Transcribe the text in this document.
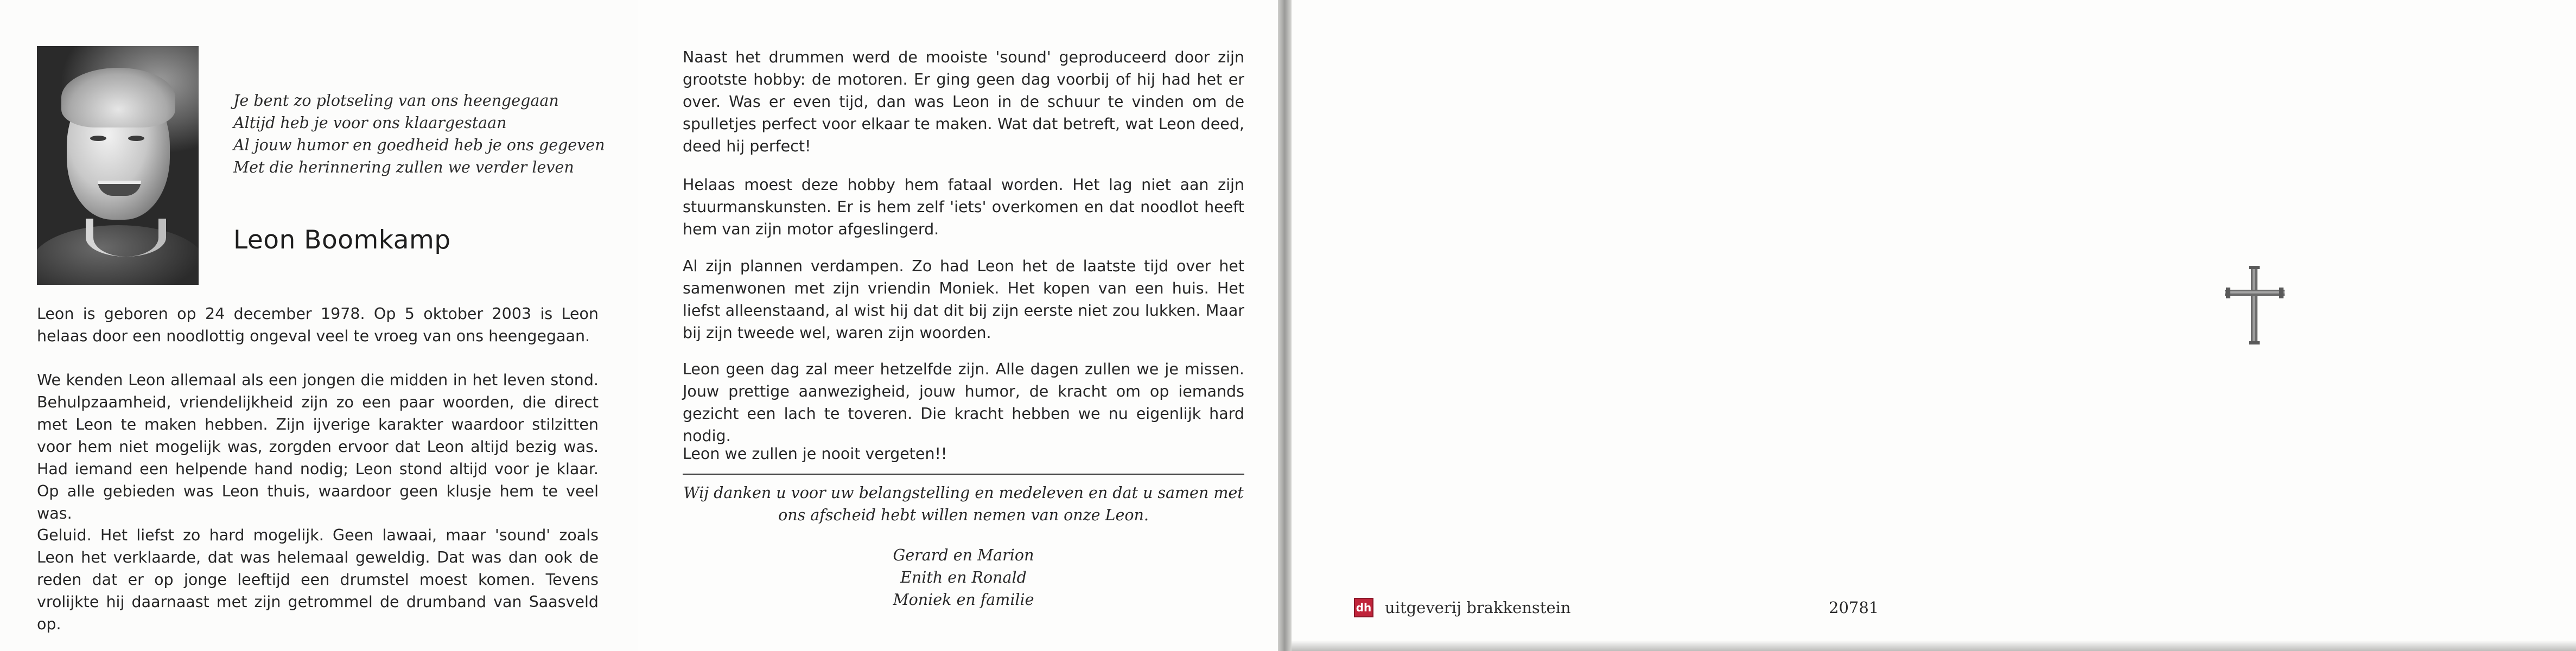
Je bent zo plotseling van ons heengegaan
Altijd heb je voor ons klaargestaan
Al jouw humor en goedheid heb je ons gegeven
Met die herinnering zullen we verder leven
Leon Boomkamp

Leon is geboren op 24 december 1978. Op 5 oktober 2003 is Leon helaas door een noodlottig ongeval veel te vroeg van ons heengegaan.

We kenden Leon allemaal als een jongen die midden in het leven stond. Behulpzaamheid, vriendelijkheid zijn zo een paar woorden, die direct met Leon te maken hebben. Zijn ijverige karakter waardoor stilzitten voor hem niet mogelijk was, zorgden ervoor dat Leon altijd bezig was. Had iemand een helpende hand nodig; Leon stond altijd voor je klaar. Op alle gebieden was Leon thuis, waardoor geen klusje hem te veel was.

Geluid. Het liefst zo hard mogelijk. Geen lawaai, maar 'sound' zoals Leon het verklaarde, dat was helemaal geweldig. Dat was dan ook de reden dat er op jonge leeftijd een drumstel moest komen. Tevens vrolijkte hij daarnaast met zijn getrommel de drumband van Saasveld op.

Naast het drummen werd de mooiste 'sound' geproduceerd door zijn grootste hobby: de motoren. Er ging geen dag voorbij of hij had het er over. Was er even tijd, dan was Leon in de schuur te vinden om de spulletjes perfect voor elkaar te maken. Wat dat betreft, wat Leon deed, deed hij perfect!

Helaas moest deze hobby hem fataal worden. Het lag niet aan zijn stuurmanskunsten. Er is hem zelf 'iets' overkomen en dat noodlot heeft hem van zijn motor afgeslingerd.

Al zijn plannen verdampen. Zo had Leon het de laatste tijd over het samenwonen met zijn vriendin Moniek. Het kopen van een huis. Het liefst alleenstaand, al wist hij dat dit bij zijn eerste niet zou lukken. Maar bij zijn tweede wel, waren zijn woorden.

Leon geen dag zal meer hetzelfde zijn. Alle dagen zullen we je missen. Jouw prettige aanwezigheid, jouw humor, de kracht om op iemands gezicht een lach te toveren. Die kracht hebben we nu eigenlijk hard nodig.

Leon we zullen je nooit vergeten!!

Wij danken u voor uw belangstelling en medeleven en dat u samen met
ons afscheid hebt willen nemen van onze Leon.
Gerard en Marion
Enith en Ronald
Moniek en familie	dh uitgeverij brakkenstein	20781
